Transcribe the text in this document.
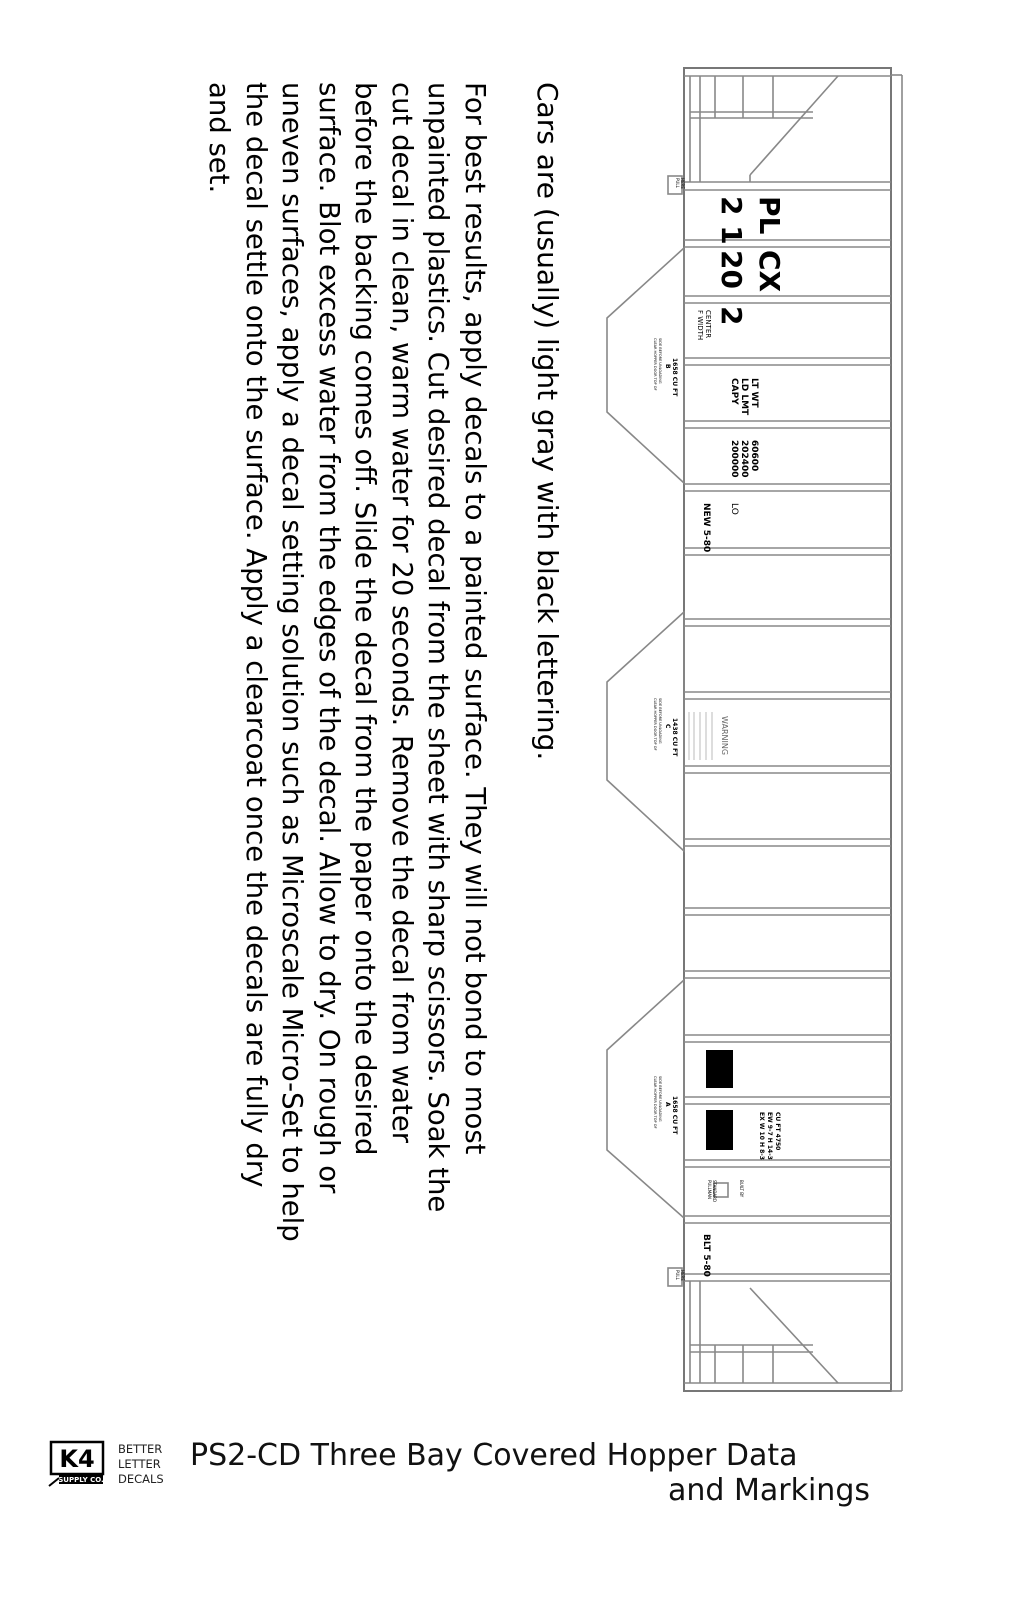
Cars are (usually) light gray with black lettering.
For best results, apply decals to a painted surface. They will not bond to most
unpainted plastics. Cut desired decal from the sheet with sharp scissors. Soak the
cut decal in clean, warm water for 20 seconds. Remove the decal from water
before the backing comes off. Slide the decal from the paper onto the desired
surface. Blot excess water from the edges of the decal. Allow to dry. On rough or
uneven surfaces, apply a decal setting solution such as Microscale Micro-Set to help
the decal settle onto the surface. Apply a clearcoat once the decals are fully dry
and set.
PL
CX
2 1
20
2
F WIDTH CENTER
CAPY LD LMT LT WT
200000 202400 60600
LO
NEW 5-80
B 1658 CU FT
CLEAR HOPPER DOOR TOP OF SIDE BEFORE UNLOADING
C 1438 CU FT
CLEAR HOPPER DOOR TOP OF SIDE BEFORE UNLOADING
A 1658 CU FT
CLEAR HOPPER DOOR TOP OF SIDE BEFORE UNLOADING
WARNING
EX W 10 H 8-3 EW 9-7 H 14-3 CU FT 4750
BUILT BY
PULLMAN STANDARD
BLT 5-80
PULL HERE
PULL HERE
K4
SUPPLY CO.
BETTER
LETTER
DECALS
PS2-CD Three Bay Covered Hopper Data
and Markings
